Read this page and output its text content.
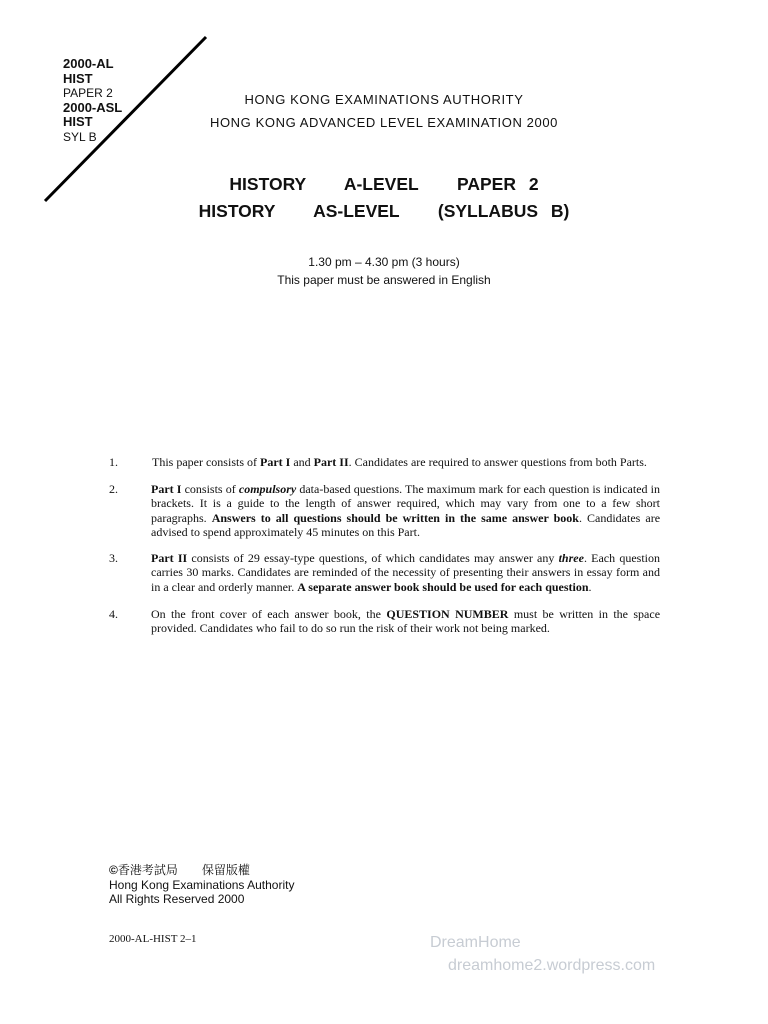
2000-AL
HIST
PAPER 2
2000-ASL
HIST
SYL B
HONG KONG EXAMINATIONS AUTHORITY
HONG KONG ADVANCED LEVEL EXAMINATION 2000
HISTORY   A-LEVEL   PAPER 2
HISTORY   AS-LEVEL   (SYLLABUS B)
1.30 pm – 4.30 pm (3 hours)
This paper must be answered in English
1.	This paper consists of Part I and Part II. Candidates are required to answer questions from both Parts.
2.	Part I consists of compulsory data-based questions. The maximum mark for each question is indicated in brackets. It is a guide to the length of answer required, which may vary from one to a few short paragraphs. Answers to all questions should be written in the same answer book. Candidates are advised to spend approximately 45 minutes on this Part.
3.	Part II consists of 29 essay-type questions, of which candidates may answer any three. Each question carries 30 marks. Candidates are reminded of the necessity of presenting their answers in essay form and in a clear and orderly manner. A separate answer book should be used for each question.
4.	On the front cover of each answer book, the QUESTION NUMBER must be written in the space provided. Candidates who fail to do so run the risk of their work not being marked.
©香港考試局 保留版權
Hong Kong Examinations Authority
All Rights Reserved 2000
2000-AL-HIST 2–1	DreamHome
dreamhome2.wordpress.com
